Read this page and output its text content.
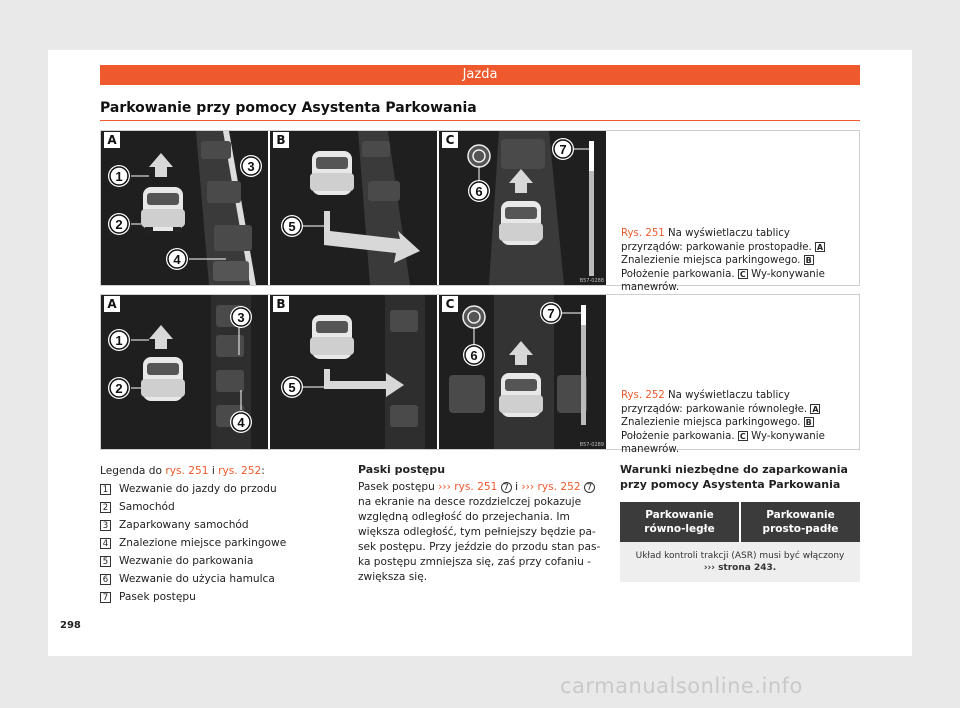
Jazda
Parkowanie przy pomocy Asystenta Parkowania
A
1
2
3
4
B
5
C
6
7
B57-0288
Rys. 251 Na wyświetlaczu tablicy przyrządów: parkowanie prostopadłe. A Znalezienie miejsca parkingowego. B Położenie parkowania. C Wy-konywanie manewrów.
A
1
2
3
4
B
5
C
6
7
B57-0289
Rys. 252 Na wyświetlaczu tablicy przyrządów: parkowanie równoległe. A Znalezienie miejsca parkingowego. B Położenie parkowania. C Wy-konywanie manewrów.
Legenda do rys. 251 i rys. 252:
1 Wezwanie do jazdy do przodu
2 Samochód
3 Zaparkowany samochód
4 Znalezione miejsce parkingowe
5 Wezwanie do parkowania
6 Wezwanie do użycia hamulca
7 Pasek postępu
Paski postępu
Pasek postępu ››› rys. 251 7 i ››› rys. 252 7 na ekranie na desce rozdzielczej pokazuje względną odległość do przejechania. Im większa odległość, tym pełniejszy będzie pa-sek postępu. Przy jeździe do przodu stan pas-ka postępu zmniejsza się, zaś przy cofaniu - zwiększa się.
Warunki niezbędne do zaparkowania przy pomocy Asystenta Parkowania
Parkowanie równo-ległe
Parkowanie prosto-padłe
Układ kontroli trakcji (ASR) musi być włączony
››› strona 243.
298
carmanualsonline.info
